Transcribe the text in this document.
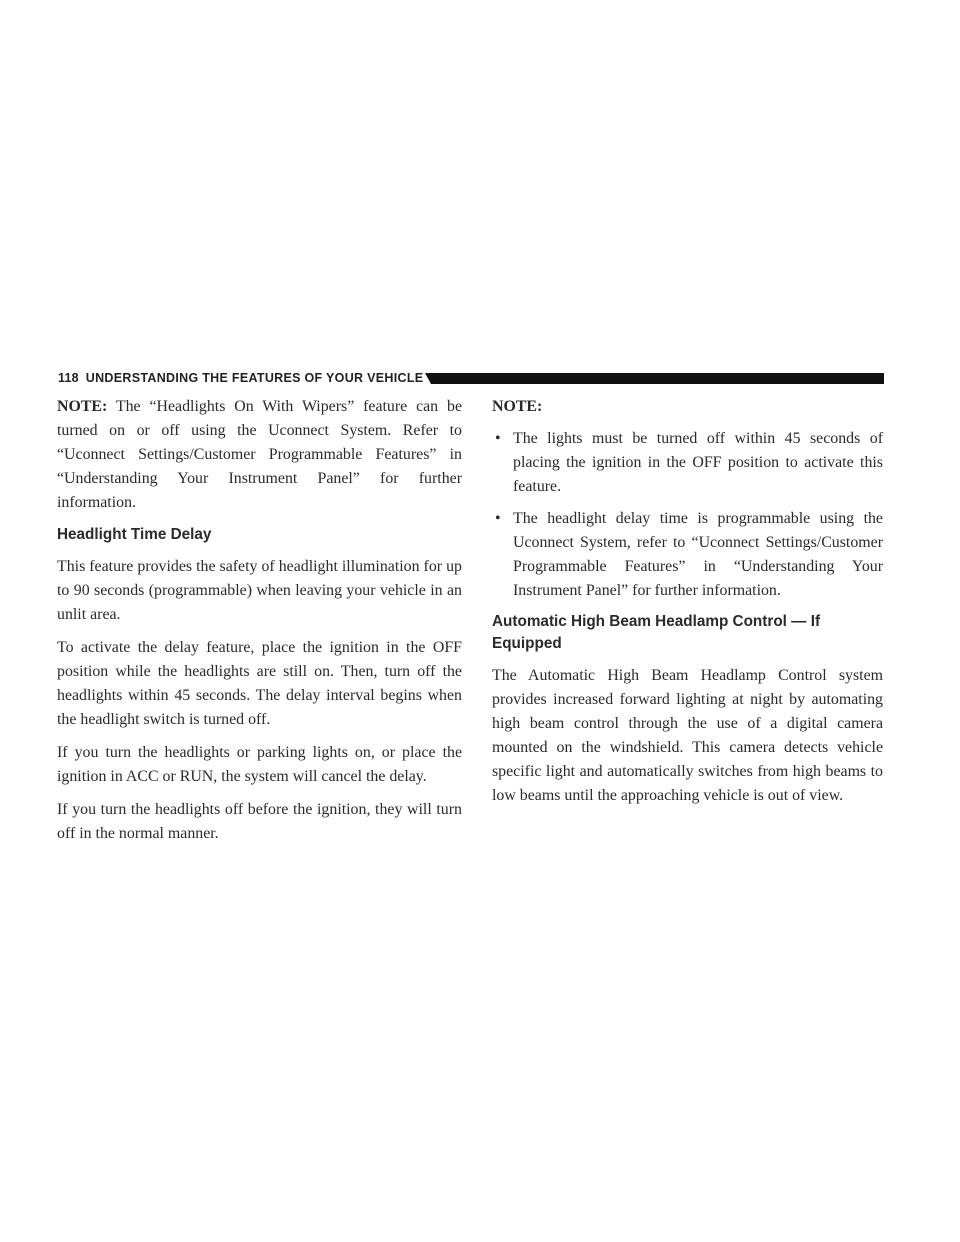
118 UNDERSTANDING THE FEATURES OF YOUR VEHICLE

NOTE: The “Headlights On With Wipers” feature can be turned on or off using the Uconnect System. Refer to “Uconnect Settings/Customer Programmable Features” in “Understanding Your Instrument Panel” for further information.

Headlight Time Delay

This feature provides the safety of headlight illumination for up to 90 seconds (programmable) when leaving your vehicle in an unlit area.

To activate the delay feature, place the ignition in the OFF position while the headlights are still on. Then, turn off the headlights within 45 seconds. The delay interval begins when the headlight switch is turned off.

If you turn the headlights or parking lights on, or place the ignition in ACC or RUN, the system will cancel the delay.

If you turn the headlights off before the ignition, they will turn off in the normal manner.

NOTE:

• The lights must be turned off within 45 seconds of placing the ignition in the OFF position to activate this feature.
• The headlight delay time is programmable using the Uconnect System, refer to “Uconnect Settings/Customer Programmable Features” in “Understanding Your Instrument Panel” for further information.
Automatic High Beam Headlamp Control — If Equipped

The Automatic High Beam Headlamp Control system provides increased forward lighting at night by automating high beam control through the use of a digital camera mounted on the windshield. This camera detects vehicle specific light and automatically switches from high beams to low beams until the approaching vehicle is out of view.
